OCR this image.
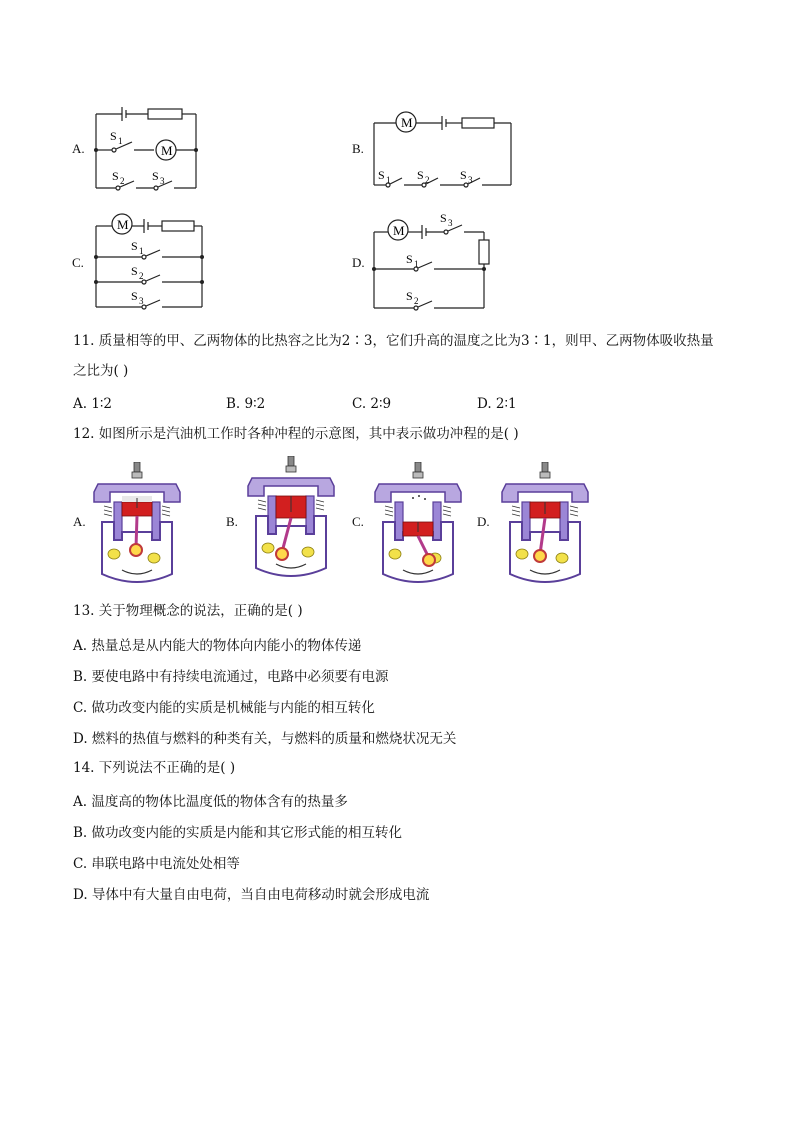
A.	M
S 1
S 2 S 3
B.
M
S 1 S 2	S 3
C.
M
S 1
S 2
S 3
D.
M
S 3
S 1
S 2
11. 质量相等的甲、乙两物体的比热容之比为2∶3，它们升高的温度之比为3∶1，则甲、乙两物体吸收热量
之比为( )
A. 1∶2	B. 9∶2	C. 2∶9	D. 2∶1
12. 如图所示是汽油机工作时各种冲程的示意图，其中表示做功冲程的是( )
A.	B.	C.	D.
13. 关于物理概念的说法，正确的是( )
A. 热量总是从内能大的物体向内能小的物体传递
B. 要使电路中有持续电流通过，电路中必须要有电源
C. 做功改变内能的实质是机械能与内能的相互转化
D. 燃料的热值与燃料的种类有关，与燃料的质量和燃烧状况无关
14. 下列说法不正确的是( )
A. 温度高的物体比温度低的物体含有的热量多
B. 做功改变内能的实质是内能和其它形式能的相互转化
C. 串联电路中电流处处相等
D. 导体中有大量自由电荷，当自由电荷移动时就会形成电流
